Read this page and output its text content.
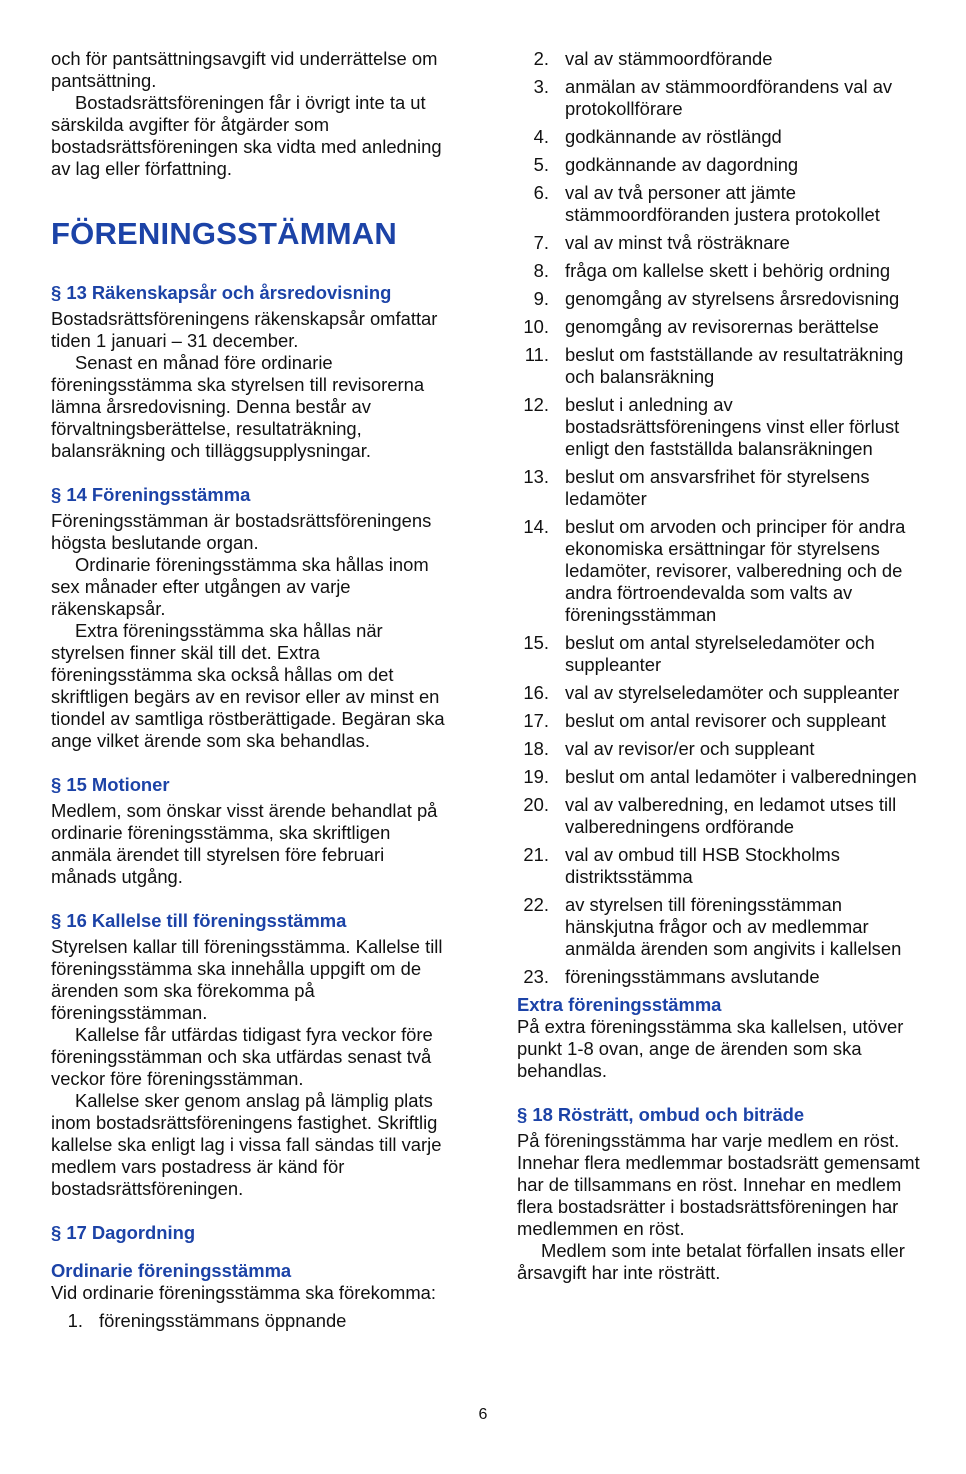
och för pantsättningsavgift vid underrättelse om pantsättning.

Bostadsrättsföreningen får i övrigt inte ta ut särskilda avgifter för åtgärder som bostadsrättsföreningen ska vidta med anledning av lag eller författning.

FÖRENINGSSTÄMMAN
§ 13 Räkenskapsår och årsredovisning

Bostadsrättsföreningens räkenskapsår omfattar tiden 1 januari – 31 december.

Senast en månad före ordinarie föreningsstämma ska styrelsen till revisorerna lämna årsredovisning. Denna består av förvaltningsberättelse, resultaträkning, balansräkning och tilläggsupplysningar.

§ 14 Föreningsstämma

Föreningsstämman är bostadsrättsföreningens högsta beslutande organ.

Ordinarie föreningsstämma ska hållas inom sex månader efter utgången av varje räkenskapsår.

Extra föreningsstämma ska hållas när styrelsen finner skäl till det. Extra föreningsstämma ska också hållas om det skriftligen begärs av en revisor eller av minst en tiondel av samtliga röstberättigade. Begäran ska ange vilket ärende som ska behandlas.

§ 15 Motioner

Medlem, som önskar visst ärende behandlat på ordinarie föreningsstämma, ska skriftligen anmäla ärendet till styrelsen före februari månads utgång.

§ 16 Kallelse till föreningsstämma

Styrelsen kallar till föreningsstämma. Kallelse till föreningsstämma ska innehålla uppgift om de ärenden som ska förekomma på föreningsstämman.

Kallelse får utfärdas tidigast fyra veckor före föreningsstämman och ska utfärdas senast två veckor före föreningsstämman.

Kallelse sker genom anslag på lämplig plats inom bostadsrättsföreningens fastighet. Skriftlig kallelse ska enligt lag i vissa fall sändas till varje medlem vars postadress är känd för bostadsrättsföreningen.

§ 17 Dagordning
Ordinarie föreningsstämma

Vid ordinarie föreningsstämma ska förekomma:

1. föreningsstämmans öppnande
2. val av stämmoordförande
3. anmälan av stämmoordförandens val av protokollförare
4. godkännande av röstlängd
5. godkännande av dagordning
6. val av två personer att jämte stämmoordföranden justera protokollet
7. val av minst två rösträknare
8. fråga om kallelse skett i behörig ordning
9. genomgång av styrelsens årsredovisning
10. genomgång av revisorernas berättelse
11. beslut om fastställande av resultaträkning och balansräkning
12. beslut i anledning av bostadsrättsföreningens vinst eller förlust enligt den fastställda balansräkningen
13. beslut om ansvarsfrihet för styrelsens ledamöter
14. beslut om arvoden och principer för andra ekonomiska ersättningar för styrelsens ledamöter, revisorer, valberedning och de andra förtroendevalda som valts av föreningsstämman
15. beslut om antal styrelseledamöter och suppleanter
16. val av styrelseledamöter och suppleanter
17. beslut om antal revisorer och suppleant
18. val av revisor/er och suppleant
19. beslut om antal ledamöter i valberedningen
20. val av valberedning, en ledamot utses till valberedningens ordförande
21. val av ombud till HSB Stockholms distriktsstämma
22. av styrelsen till föreningsstämman hänskjutna frågor och av medlemmar anmälda ärenden som angivits i kallelsen
23. föreningsstämmans avslutande
Extra föreningsstämma

På extra föreningsstämma ska kallelsen, utöver punkt 1-8 ovan, ange de ärenden som ska behandlas.

§ 18 Rösträtt, ombud och biträde

På föreningsstämma har varje medlem en röst. Innehar flera medlemmar bostadsrätt gemensamt har de tillsammans en röst. Innehar en medlem flera bostadsrätter i bostadsrättsföreningen har medlemmen en röst.

Medlem som inte betalat förfallen insats eller årsavgift har inte rösträtt.

6
